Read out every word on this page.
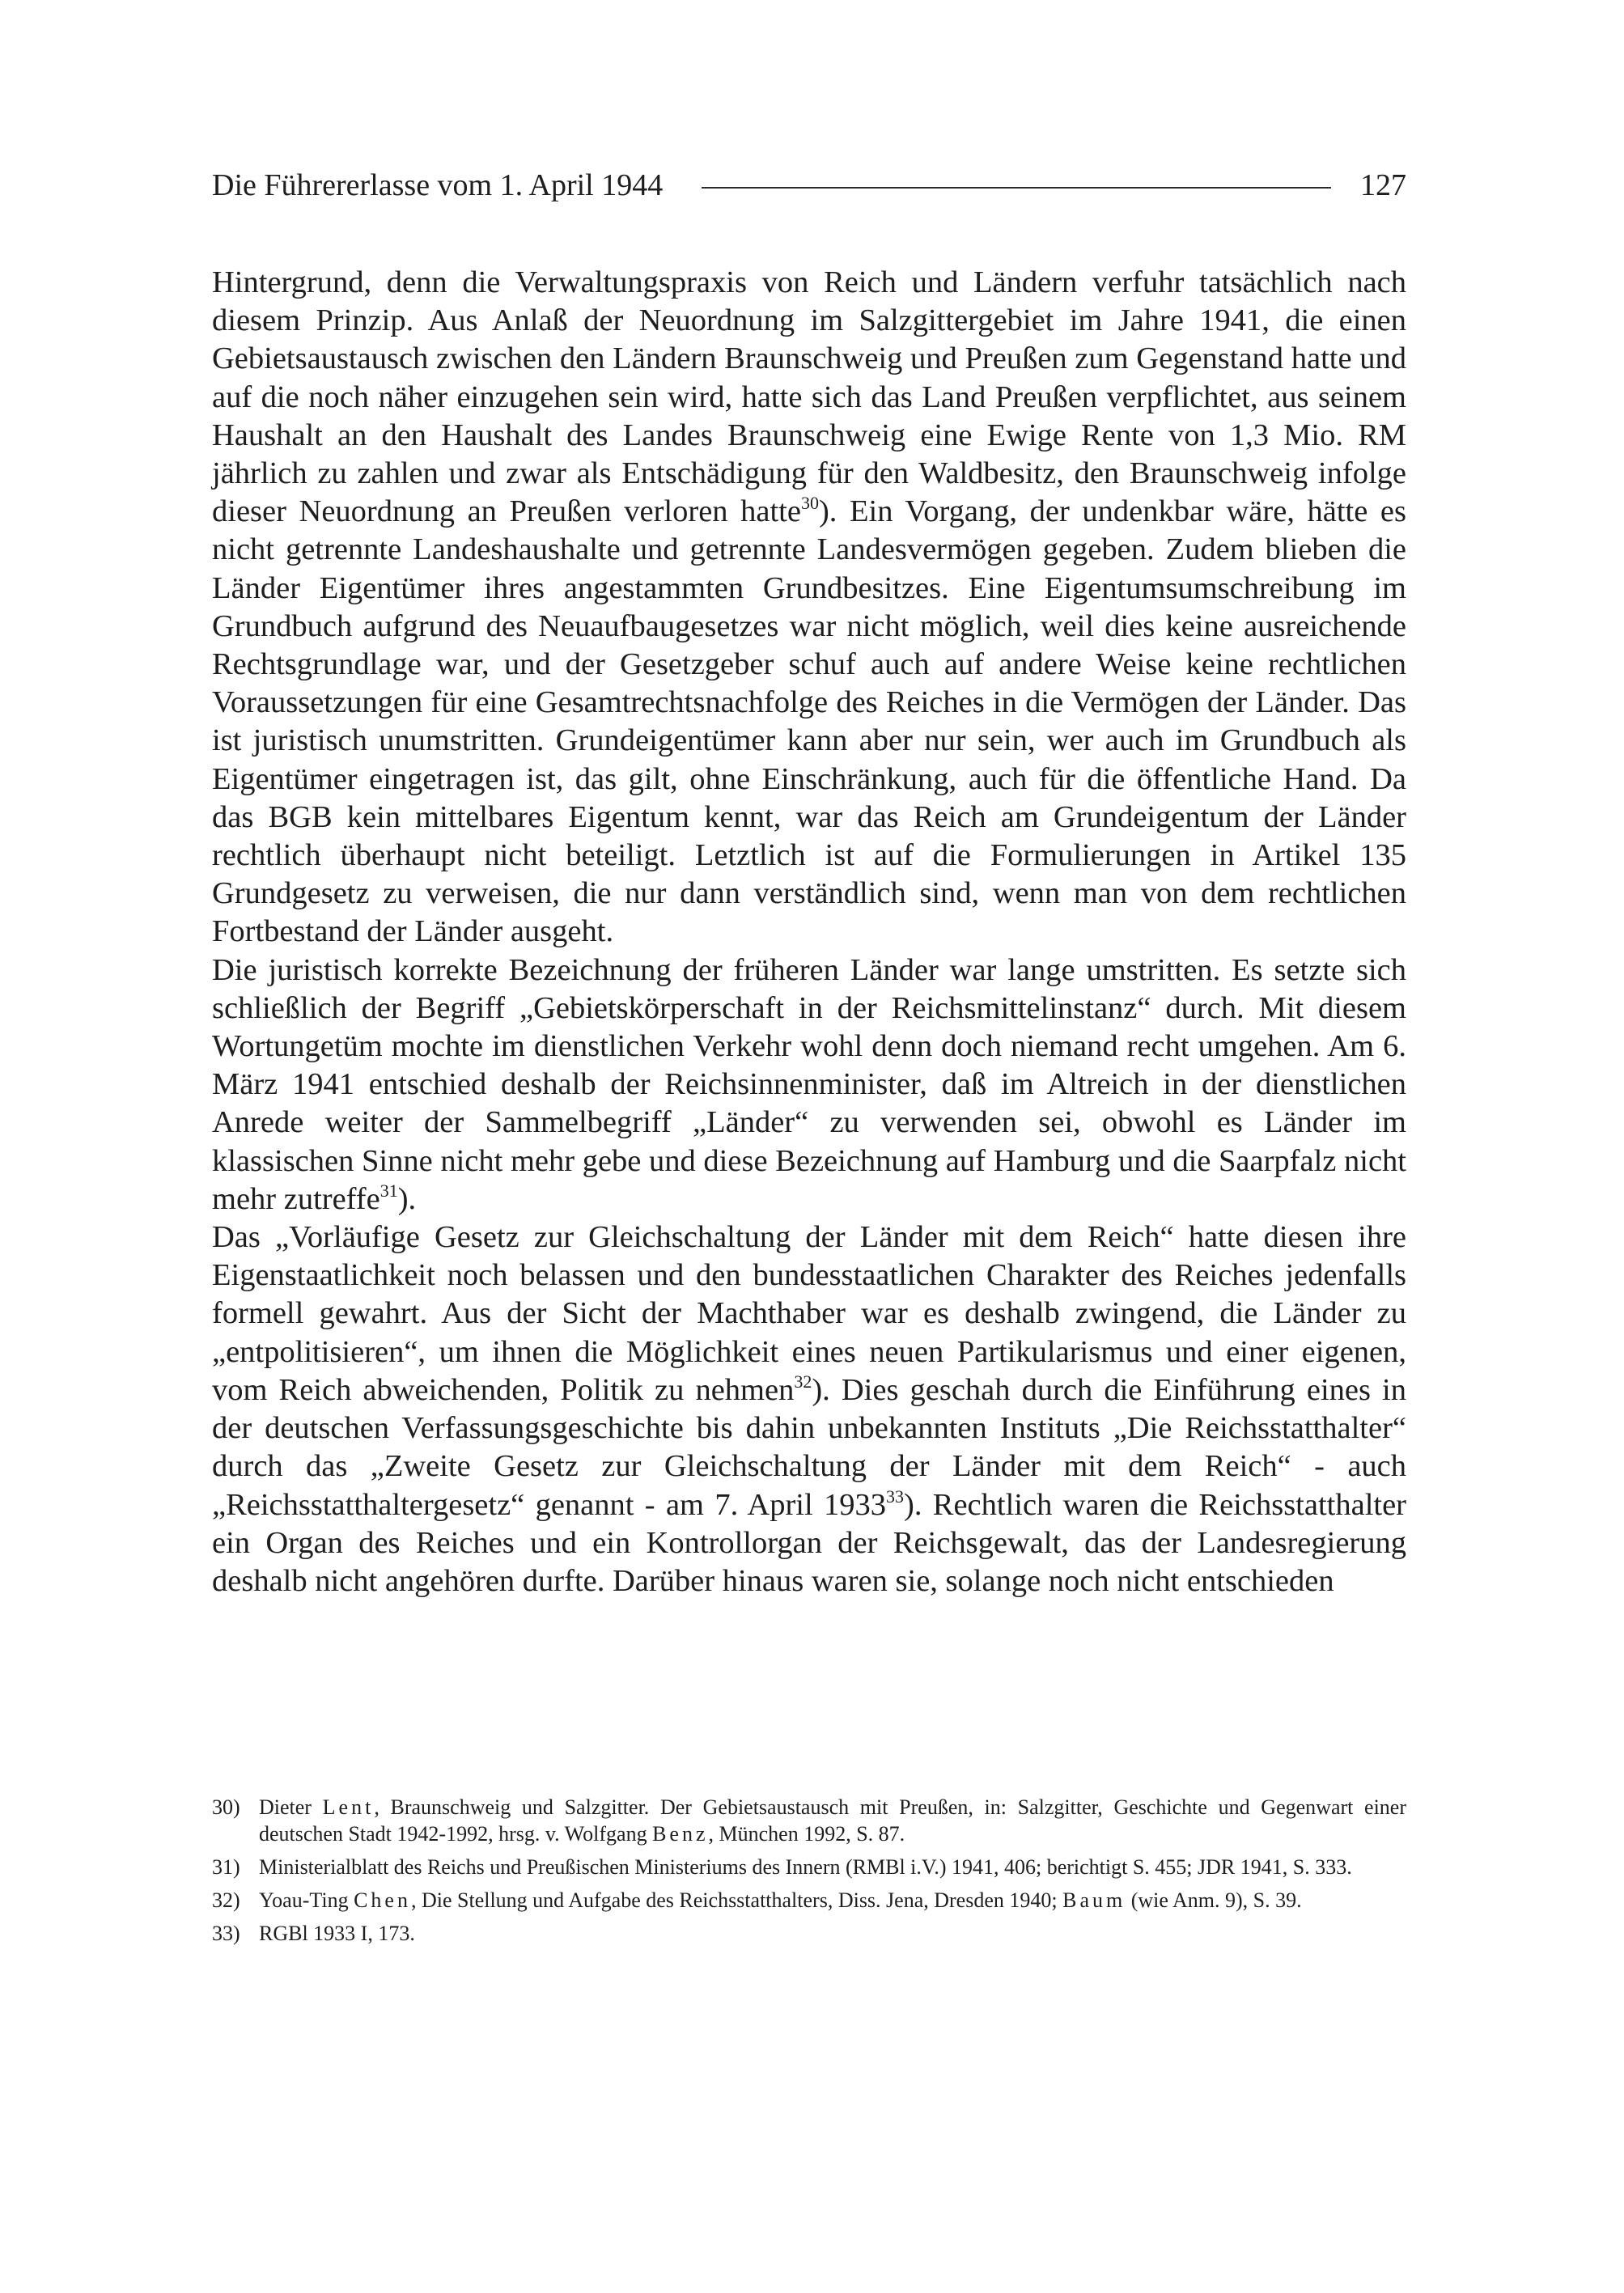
Die Führererlasse vom 1. April 1944	127

Hintergrund, denn die Verwaltungspraxis von Reich und Ländern verfuhr tatsächlich nach diesem Prinzip. Aus Anlaß der Neuordnung im Salzgittergebiet im Jahre 1941, die einen Gebietsaustausch zwischen den Ländern Braunschweig und Preußen zum Gegenstand hatte und auf die noch näher einzugehen sein wird, hatte sich das Land Preußen verpflichtet, aus seinem Haushalt an den Haushalt des Landes Braunschweig eine Ewige Rente von 1,3 Mio. RM jährlich zu zahlen und zwar als Entschädigung für den Waldbesitz, den Braunschweig infolge dieser Neuordnung an Preußen verloren hatte$^{30}$). Ein Vorgang, der undenkbar wäre, hätte es nicht getrennte Landeshaushalte und getrennte Landesvermögen gegeben. Zudem blieben die Länder Eigentümer ihres angestammten Grundbesitzes. Eine Eigentumsumschreibung im Grundbuch aufgrund des Neuaufbaugesetzes war nicht möglich, weil dies keine ausreichende Rechtsgrundlage war, und der Gesetzgeber schuf auch auf andere Weise keine rechtlichen Voraussetzungen für eine Gesamtrechtsnachfolge des Reiches in die Vermögen der Länder. Das ist juristisch unumstritten. Grundeigentümer kann aber nur sein, wer auch im Grundbuch als Eigentümer eingetragen ist, das gilt, ohne Einschränkung, auch für die öffentliche Hand. Da das BGB kein mittelbares Eigentum kennt, war das Reich am Grundeigentum der Länder rechtlich überhaupt nicht beteiligt. Letztlich ist auf die Formulierungen in Artikel 135 Grundgesetz zu verweisen, die nur dann verständlich sind, wenn man von dem rechtlichen Fortbestand der Länder ausgeht.

Die juristisch korrekte Bezeichnung der früheren Länder war lange umstritten. Es setzte sich schließlich der Begriff „Gebietskörperschaft in der Reichsmittelinstanz“ durch. Mit diesem Wortungetüm mochte im dienstlichen Verkehr wohl denn doch niemand recht umgehen. Am 6. März 1941 entschied deshalb der Reichsinnenminister, daß im Altreich in der dienstlichen Anrede weiter der Sammelbegriff „Länder“ zu verwenden sei, obwohl es Länder im klassischen Sinne nicht mehr gebe und diese Bezeichnung auf Hamburg und die Saarpfalz nicht mehr zutreffe$^{31}$).

Das „Vorläufige Gesetz zur Gleichschaltung der Länder mit dem Reich“ hatte diesen ihre Eigenstaatlichkeit noch belassen und den bundesstaatlichen Charakter des Reiches jedenfalls formell gewahrt. Aus der Sicht der Machthaber war es deshalb zwingend, die Länder zu „entpolitisieren“, um ihnen die Möglichkeit eines neuen Partikularismus und einer eigenen, vom Reich abweichenden, Politik zu nehmen$^{32}$). Dies geschah durch die Einführung eines in der deutschen Verfassungsgeschichte bis dahin unbekannten Instituts „Die Reichsstatthalter“ durch das „Zweite Gesetz zur Gleichschaltung der Länder mit dem Reich“ - auch „Reichsstatthaltergesetz“ genannt - am 7. April 1933$^{33}$). Rechtlich waren die Reichsstatthalter ein Organ des Reiches und ein Kontrollorgan der Reichsgewalt, das der Landesregierung deshalb nicht angehören durfte. Darüber hinaus waren sie, solange noch nicht entschieden

30) Dieter Lent, Braunschweig und Salzgitter. Der Gebietsaustausch mit Preußen, in: Salzgitter, Geschichte und Gegenwart einer deutschen Stadt 1942-1992, hrsg. v. Wolfgang Benz, München 1992, S. 87.
31) Ministerialblatt des Reichs und Preußischen Ministeriums des Innern (RMBl i.V.) 1941, 406; berichtigt S. 455; JDR 1941, S. 333.
32) Yoau-Ting Chen, Die Stellung und Aufgabe des Reichsstatthalters, Diss. Jena, Dresden 1940; Baum (wie Anm. 9), S. 39.
33) RGBl 1933 I, 173.
